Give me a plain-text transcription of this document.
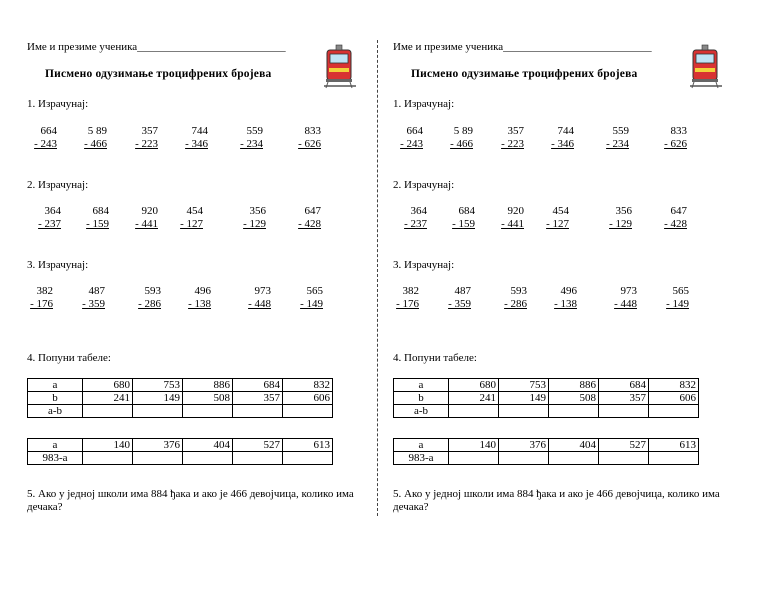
Име и презиме ученика___________________________
Писмено одузимање троцифрених бројева
1. Израчунај:
664
- 243
5 89
- 466
357
- 223
744
- 346
559
- 234
833
- 626
2. Израчунај:
364
- 237
684
- 159
920
- 441
454
- 127
356
- 129
647
- 428
3. Израчунај:
382
- 176
487
- 359
593
- 286
496
- 138
973
- 448
565
- 149
4. Попуни табеле:
a	680	753	886	684	832
b	241	149	508	357	606
a-b					
a	140	376	404	527	613
983-a					
5. Ако у једној школи има 884 ђака и ако је 466 девојчица, колико има дечака?
Име и презиме ученика___________________________
Писмено одузимање троцифрених бројева
1. Израчунај:
664
- 243
5 89
- 466
357
- 223
744
- 346
559
- 234
833
- 626
2. Израчунај:
364
- 237
684
- 159
920
- 441
454
- 127
356
- 129
647
- 428
3. Израчунај:
382
- 176
487
- 359
593
- 286
496
- 138
973
- 448
565
- 149
4. Попуни табеле:
a	680	753	886	684	832
b	241	149	508	357	606
a-b					
a	140	376	404	527	613
983-a					
5. Ако у једној школи има 884 ђака и ако је 466 девојчица, колико има дечака?
